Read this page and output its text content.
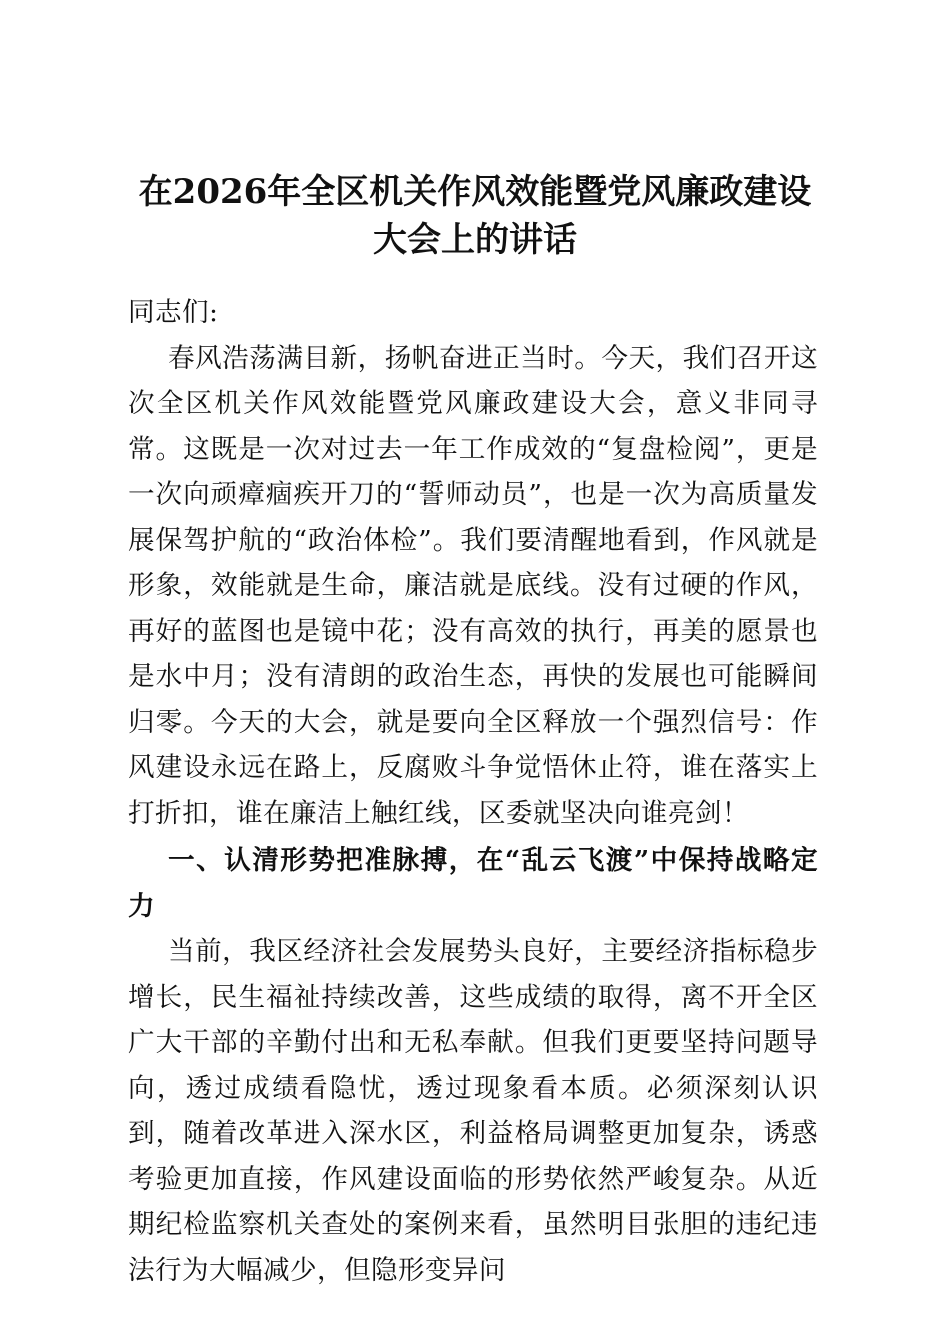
在2026年全区机关作风效能暨党风廉政建设
大会上的讲话

同志们:

春风浩荡满目新，扬帆奋进正当时。今天，我们召开这次全区机关作风效能暨党风廉政建设大会，意义非同寻常。这既是一次对过去一年工作成效的“复盘检阅”，更是一次向顽瘴痼疾开刀的“誓师动员”，也是一次为高质量发展保驾护航的“政治体检”。我们要清醒地看到，作风就是形象，效能就是生命，廉洁就是底线。没有过硬的作风，再好的蓝图也是镜中花；没有高效的执行，再美的愿景也是水中月；没有清朗的政治生态，再快的发展也可能瞬间归零。今天的大会，就是要向全区释放一个强烈信号：作风建设永远在路上，反腐败斗争觉悟休止符，谁在落实上打折扣，谁在廉洁上触红线，区委就坚决向谁亮剑！

一、认清形势把准脉搏，在“乱云飞渡”中保持战略定力

当前，我区经济社会发展势头良好，主要经济指标稳步增长，民生福祉持续改善，这些成绩的取得，离不开全区广大干部的辛勤付出和无私奉献。但我们更要坚持问题导向，透过成绩看隐忧，透过现象看本质。必须深刻认识到，随着改革进入深水区，利益格局调整更加复杂，诱惑考验更加直接，作风建设面临的形势依然严峻复杂。从近期纪检监察机关查处的案例来看，虽然明目张胆的违纪违法行为大幅减少，但隐形变异问
